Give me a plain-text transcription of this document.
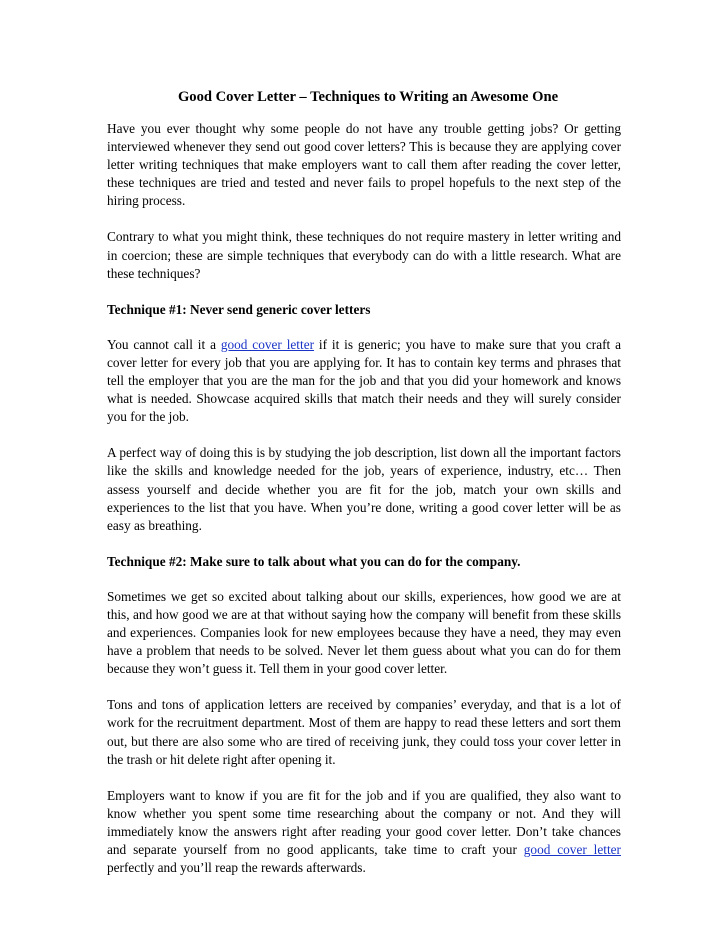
Good Cover Letter – Techniques to Writing an Awesome One

Have you ever thought why some people do not have any trouble getting jobs? Or getting interviewed whenever they send out good cover letters? This is because they are applying cover letter writing techniques that make employers want to call them after reading the cover letter, these techniques are tried and tested and never fails to propel hopefuls to the next step of the hiring process.

Contrary to what you might think, these techniques do not require mastery in letter writing and in coercion; these are simple techniques that everybody can do with a little research. What are these techniques?

Technique #1: Never send generic cover letters

You cannot call it a good cover letter if it is generic; you have to make sure that you craft a cover letter for every job that you are applying for. It has to contain key terms and phrases that tell the employer that you are the man for the job and that you did your homework and knows what is needed. Showcase acquired skills that match their needs and they will surely consider you for the job.

A perfect way of doing this is by studying the job description, list down all the important factors like the skills and knowledge needed for the job, years of experience, industry, etc… Then assess yourself and decide whether you are fit for the job, match your own skills and experiences to the list that you have. When you’re done, writing a good cover letter will be as easy as breathing.

Technique #2: Make sure to talk about what you can do for the company.

Sometimes we get so excited about talking about our skills, experiences, how good we are at this, and how good we are at that without saying how the company will benefit from these skills and experiences. Companies look for new employees because they have a need, they may even have a problem that needs to be solved. Never let them guess about what you can do for them because they won’t guess it. Tell them in your good cover letter.

Tons and tons of application letters are received by companies’ everyday, and that is a lot of work for the recruitment department. Most of them are happy to read these letters and sort them out, but there are also some who are tired of receiving junk, they could toss your cover letter in the trash or hit delete right after opening it.

Employers want to know if you are fit for the job and if you are qualified, they also want to know whether you spent some time researching about the company or not. And they will immediately know the answers right after reading your good cover letter. Don’t take chances and separate yourself from no good applicants, take time to craft your good cover letter perfectly and you’ll reap the rewards afterwards.
